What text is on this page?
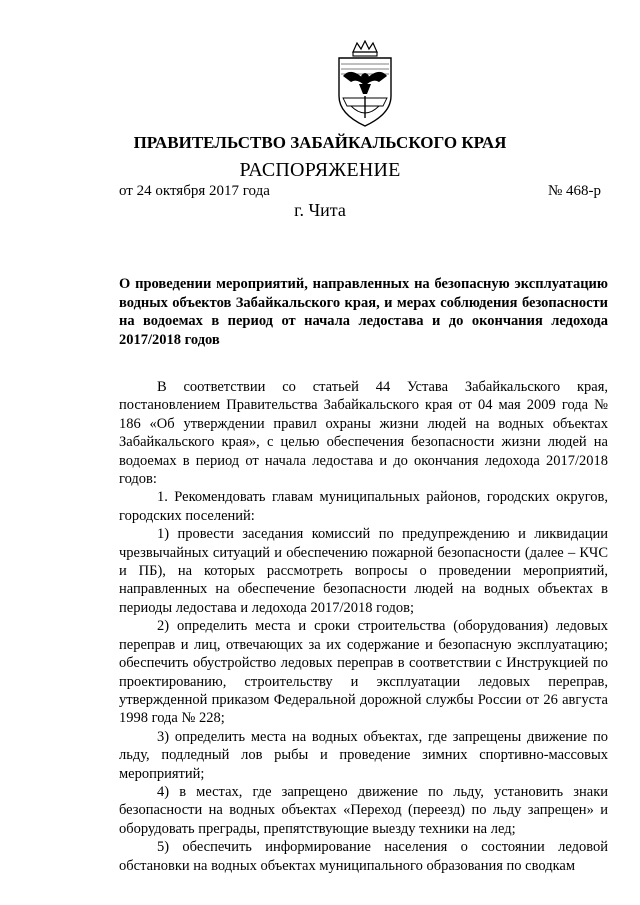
ПРАВИТЕЛЬСТВО ЗАБАЙКАЛЬСКОГО КРАЯ
РАСПОРЯЖЕНИЕ
от 24 октября 2017 года	№ 468-р
г. Чита
О проведении мероприятий, направленных на безопасную эксплуатацию водных объектов Забайкальского края, и мерах соблюдения безопасности на водоемах в период от начала ледостава и до окончания ледохода 2017/2018 годов

В соответствии со статьей 44 Устава Забайкальского края, постановлением Правительства Забайкальского края от 04 мая 2009 года № 186 «Об утверждении правил охраны жизни людей на водных объектах Забайкальского края», с целью обеспечения безопасности жизни людей на водоемах в период от начала ледостава и до окончания ледохода 2017/2018 годов:

1. Рекомендовать главам муниципальных районов, городских округов, городских поселений:

1) провести заседания комиссий по предупреждению и ликвидации чрезвычайных ситуаций и обеспечению пожарной безопасности (далее – КЧС и ПБ), на которых рассмотреть вопросы о проведении мероприятий, направленных на обеспечение безопасности людей на водных объектах в периоды ледостава и ледохода 2017/2018 годов;

2) определить места и сроки строительства (оборудования) ледовых переправ и лиц, отвечающих за их содержание и безопасную эксплуатацию; обеспечить обустройство ледовых переправ в соответствии с Инструкцией по проектированию, строительству и эксплуатации ледовых переправ, утвержденной приказом Федеральной дорожной службы России от 26 августа 1998 года № 228;

3) определить места на водных объектах, где запрещены движение по льду, подледный лов рыбы и проведение зимних спортивно-массовых мероприятий;

4) в местах, где запрещено движение по льду, установить знаки безопасности на водных объектах «Переход (переезд) по льду запрещен» и оборудовать преграды, препятствующие выезду техники на лед;

5) обеспечить информирование населения о состоянии ледовой обстановки на водных объектах муниципального образования по сводкам
